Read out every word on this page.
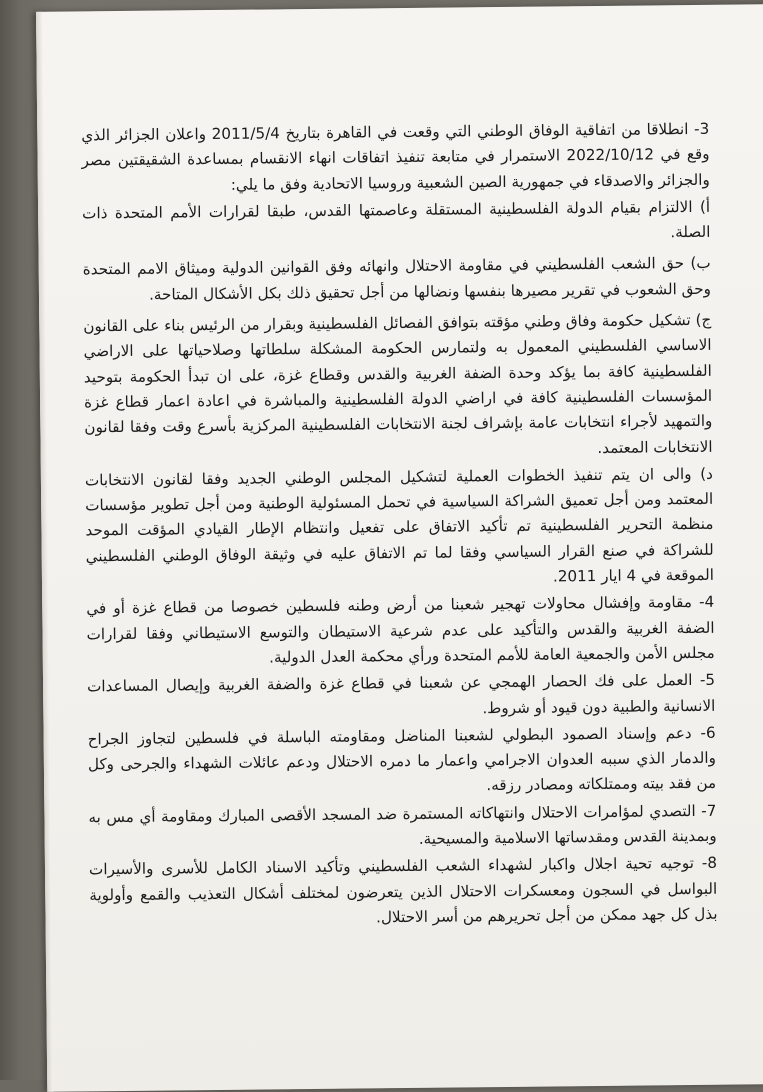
3- انطلاقا من اتفاقية الوفاق الوطني التي وقعت في القاهرة بتاريخ 2011/5/4 واعلان الجزائر الذي وقع في 2022/10/12 الاستمرار في متابعة تنفيذ اتفاقات انهاء الانقسام بمساعدة الشقيقتين مصر والجزائر والاصدقاء في جمهورية الصين الشعبية وروسيا الاتحادية وفق ما يلي:

أ) الالتزام بقيام الدولة الفلسطينية المستقلة وعاصمتها القدس، طبقا لقرارات الأمم المتحدة ذات الصلة.

ب) حق الشعب الفلسطيني في مقاومة الاحتلال وانهائه وفق القوانين الدولية وميثاق الامم المتحدة وحق الشعوب في تقرير مصيرها بنفسها ونضالها من أجل تحقيق ذلك بكل الأشكال المتاحة.

ج) تشكيل حكومة وفاق وطني مؤقته بتوافق الفصائل الفلسطينية وبقرار من الرئيس بناء على القانون الاساسي الفلسطيني المعمول به ولتمارس الحكومة المشكلة سلطاتها وصلاحياتها على الاراضي الفلسطينية كافة بما يؤكد وحدة الضفة الغربية والقدس وقطاع غزة، على ان تبدأ الحكومة بتوحيد المؤسسات الفلسطينية كافة في اراضي الدولة الفلسطينية والمباشرة في اعادة اعمار قطاع غزة والتمهيد لأجراء انتخابات عامة بإشراف لجنة الانتخابات الفلسطينية المركزية بأسرع وقت وفقا لقانون الانتخابات المعتمد.

د) والى ان يتم تنفيذ الخطوات العملية لتشكيل المجلس الوطني الجديد وفقا لقانون الانتخابات المعتمد ومن أجل تعميق الشراكة السياسية في تحمل المسئولية الوطنية ومن أجل تطوير مؤسسات منظمة التحرير الفلسطينية تم تأكيد الاتفاق على تفعيل وانتظام الإطار القيادي المؤقت الموحد للشراكة في صنع القرار السياسي وفقا لما تم الاتفاق عليه في وثيقة الوفاق الوطني الفلسطيني الموقعة في 4 ايار 2011.

4- مقاومة وإفشال محاولات تهجير شعبنا من أرض وطنه فلسطين خصوصا من قطاع غزة أو في الضفة الغربية والقدس والتأكيد على عدم شرعية الاستيطان والتوسع الاستيطاني وفقا لقرارات مجلس الأمن والجمعية العامة للأمم المتحدة ورأي محكمة العدل الدولية.

5- العمل على فك الحصار الهمجي عن شعبنا في قطاع غزة والضفة الغربية وإيصال المساعدات الانسانية والطبية دون قيود أو شروط.

6- دعم وإسناد الصمود البطولي لشعبنا المناضل ومقاومته الباسلة في فلسطين لتجاوز الجراح والدمار الذي سببه العدوان الاجرامي واعمار ما دمره الاحتلال ودعم عائلات الشهداء والجرحى وكل من فقد بيته وممتلكاته ومصادر رزقه.

7- التصدي لمؤامرات الاحتلال وانتهاكاته المستمرة ضد المسجد الأقصى المبارك ومقاومة أي مس به وبمدينة القدس ومقدساتها الاسلامية والمسيحية.

8- توجيه تحية اجلال واكبار لشهداء الشعب الفلسطيني وتأكيد الاسناد الكامل للأسرى والأسيرات البواسل في السجون ومعسكرات الاحتلال الذين يتعرضون لمختلف أشكال التعذيب والقمع وأولوية بذل كل جهد ممكن من أجل تحريرهم من أسر الاحتلال.
